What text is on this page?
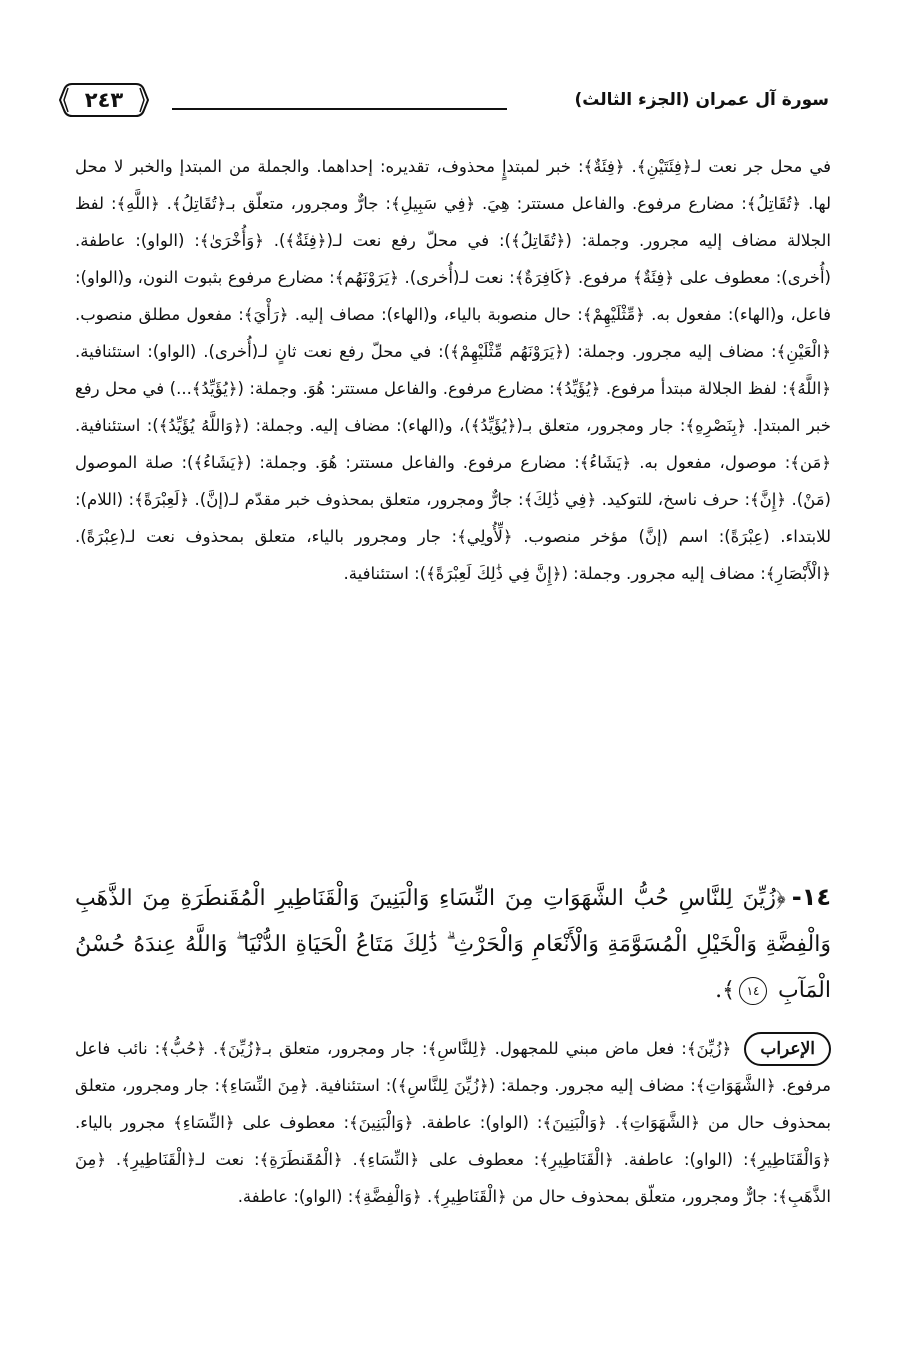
سورة آل عمران (الجزء الثالث)
٢٤٣

في محل جر نعت لـ﴿فِئَتَيْنِ﴾. ﴿فِئَةٌ﴾: خبر لمبتدإٍ محذوف، تقديره: إحداهما. والجملة من المبتدإ والخبر لا محل لها. ﴿تُقَاتِلُ﴾: مضارع مرفوع. والفاعل مستتر: هِيَ. ﴿فِي سَبِيلِ﴾: جارٌّ ومجرور، متعلّق بـ﴿تُقَاتِلُ﴾. ﴿اللَّهِ﴾: لفظ الجلالة مضاف إليه مجرور. وجملة: (﴿تُقَاتِلُ﴾): في محلّ رفع نعت لـ(﴿فِئَةٌ﴾). ﴿وَأُخْرَىٰ﴾: (الواو): عاطفة. (أُخرى): معطوف على ﴿فِئَةٌ﴾ مرفوع. ﴿كَافِرَةٌ﴾: نعت لـ(أُخرى). ﴿يَرَوْنَهُم﴾: مضارع مرفوع بثبوت النون، و(الواو): فاعل، و(الهاء): مفعول به. ﴿مِّثْلَيْهِمْ﴾: حال منصوبة بالياء، و(الهاء): مصاف إليه. ﴿رَأْيَ﴾: مفعول مطلق منصوب. ﴿الْعَيْنِ﴾: مضاف إليه مجرور. وجملة: (﴿يَرَوْنَهُم مِّثْلَيْهِمْ﴾): في محلّ رفع نعت ثانٍ لـ(أُخرى). (الواو): استئنافية. ﴿اللَّهُ﴾: لفظ الجلالة مبتدأ مرفوع. ﴿يُؤَيِّدُ﴾: مضارع مرفوع. والفاعل مستتر: هُوَ. وجملة: (﴿يُؤَيِّدُ﴾...) في محل رفع خبر المبتدإ. ﴿بِنَصْرِهِ﴾: جار ومجرور، متعلق بـ(﴿يُؤَيِّدُ﴾)، و(الهاء): مضاف إليه. وجملة: (﴿وَاللَّهُ يُؤَيِّدُ﴾): استئنافية. ﴿مَن﴾: موصول، مفعول به. ﴿يَشَاءُ﴾: مضارع مرفوع. والفاعل مستتر: هُوَ. وجملة: (﴿يَشَاءُ﴾): صلة الموصول (مَنْ). ﴿إِنَّ﴾: حرف ناسخ، للتوكيد. ﴿فِي ذَٰلِكَ﴾: جارٌّ ومجرور، متعلق بمحذوف خبر مقدّم لـ(إنَّ). ﴿لَعِبْرَةً﴾: (اللام): للابتداء. (عِبْرَةً): اسم (إنَّ) مؤخر منصوب. ﴿لِّأُولِي﴾: جار ومجرور بالياء، متعلق بمحذوف نعت لـ(عِبْرَةً). ﴿الْأَبْصَارِ﴾: مضاف إليه مجرور. وجملة: (﴿إِنَّ فِي ذَٰلِكَ لَعِبْرَةً﴾): استئنافية.

١٤-﴿زُيِّنَ لِلنَّاسِ حُبُّ الشَّهَوَاتِ مِنَ النِّسَاءِ وَالْبَنِينَ وَالْقَنَاطِيرِ الْمُقَنطَرَةِ مِنَ الذَّهَبِ وَالْفِضَّةِ وَالْخَيْلِ الْمُسَوَّمَةِ وَالْأَنْعَامِ وَالْحَرْثِ ۗ ذَٰلِكَ مَتَاعُ الْحَيَاةِ الدُّنْيَا ۖ وَاللَّهُ عِندَهُ حُسْنُ الْمَآبِ ١٤﴾.

الإعراب ﴿زُيِّنَ﴾: فعل ماض مبني للمجهول. ﴿لِلنَّاسِ﴾: جار ومجرور، متعلق بـ﴿زُيِّنَ﴾. ﴿حُبُّ﴾: نائب فاعل مرفوع. ﴿الشَّهَوَاتِ﴾: مضاف إليه مجرور. وجملة: (﴿زُيِّنَ لِلنَّاسِ﴾): استئنافية. ﴿مِنَ النِّسَاءِ﴾: جار ومجرور، متعلق بمحذوف حال من ﴿الشَّهَوَاتِ﴾. ﴿وَالْبَنِينَ﴾: (الواو): عاطفة. ﴿وَالْبَنِينَ﴾: معطوف على ﴿النِّسَاءِ﴾ مجرور بالياء. ﴿وَالْقَنَاطِيرِ﴾: (الواو): عاطفة. ﴿الْقَنَاطِيرِ﴾: معطوف على ﴿النِّسَاءِ﴾. ﴿الْمُقَنطَرَةِ﴾: نعت لـ﴿الْقَنَاطِيرِ﴾. ﴿مِنَ الذَّهَبِ﴾: جارٌّ ومجرور، متعلّق بمحذوف حال من ﴿الْقَنَاطِيرِ﴾. ﴿وَالْفِضَّةِ﴾: (الواو): عاطفة.
